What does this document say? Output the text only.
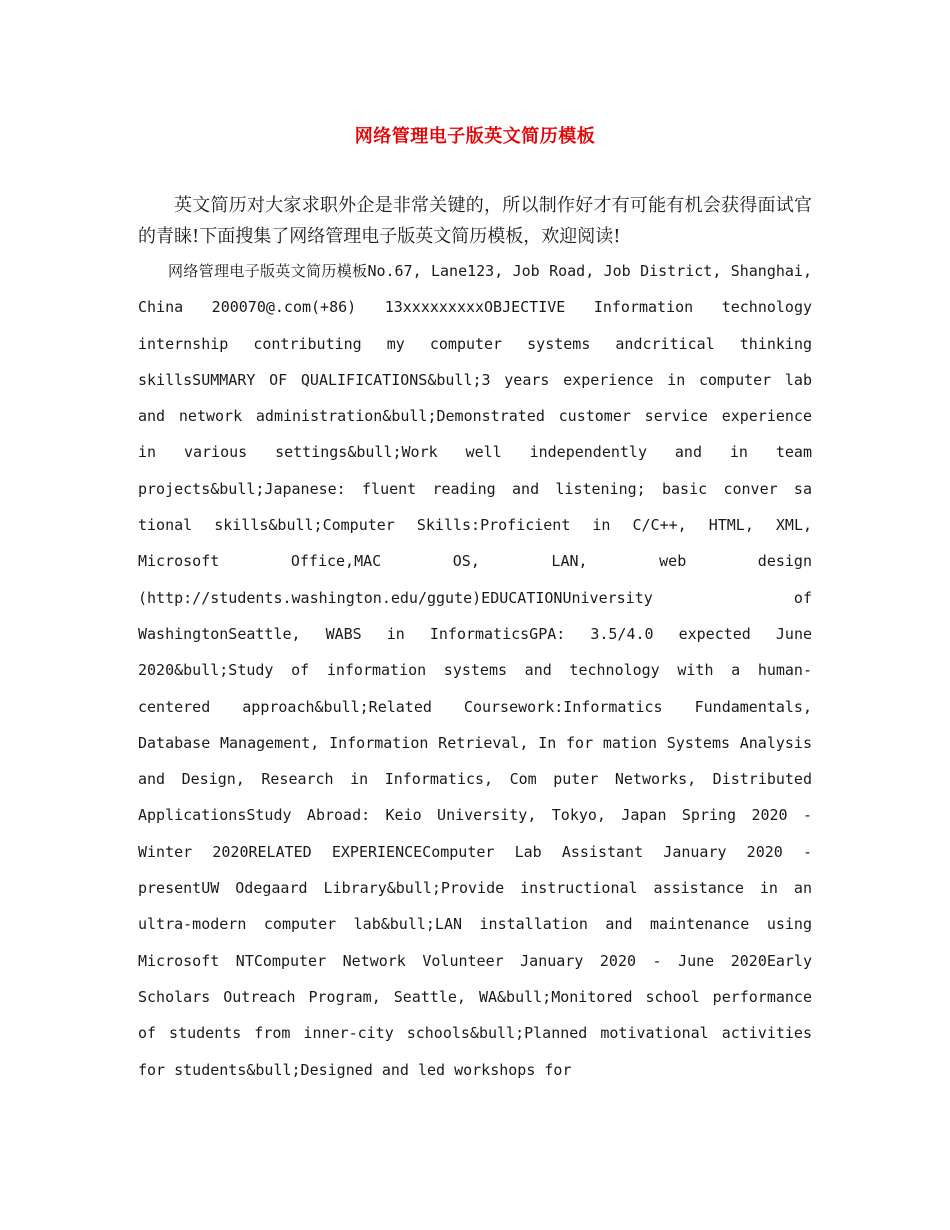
网络管理电子版英文简历模板

英文简历对大家求职外企是非常关键的，所以制作好才有可能有机会获得面试官的青睐!下面搜集了网络管理电子版英文简历模板，欢迎阅读!

网络管理电子版英文简历模板No.67, Lane123, Job Road, Job District, Shanghai, China 200070@.com(+86) 13xxxxxxxxxOBJECTIVE Information technology internship contributing my computer systems andcritical thinking skillsSUMMARY OF QUALIFICATIONS&bull;3 years experience in computer lab and network administration&bull;Demonstrated customer service experience in various settings&bull;Work well independently and in team projects&bull;Japanese: fluent reading and listening; basic conver sa tional skills&bull;Computer Skills:Proficient in C/C++, HTML, XML, Microsoft Office,MAC OS, LAN, web design (http://students.washington.edu/ggute)EDUCATIONUniversity of WashingtonSeattle, WABS in InformaticsGPA: 3.5/4.0 expected June 2020&bull;Study of information systems and technology with a human-centered approach&bull;Related Coursework:Informatics Fundamentals, Database Management, Information Retrieval, In for mation Systems Analysis and Design, Research in Informatics, Com puter Networks, Distributed ApplicationsStudy Abroad: Keio University, Tokyo, Japan Spring 2020 - Winter 2020RELATED EXPERIENCEComputer Lab Assistant January 2020 - presentUW Odegaard Library&bull;Provide instructional assistance in an ultra-modern computer lab&bull;LAN installation and maintenance using Microsoft NTComputer Network Volunteer January 2020 - June 2020Early Scholars Outreach Program, Seattle, WA&bull;Monitored school performance of students from inner-city schools&bull;Planned motivational activities for students&bull;Designed and led workshops for
